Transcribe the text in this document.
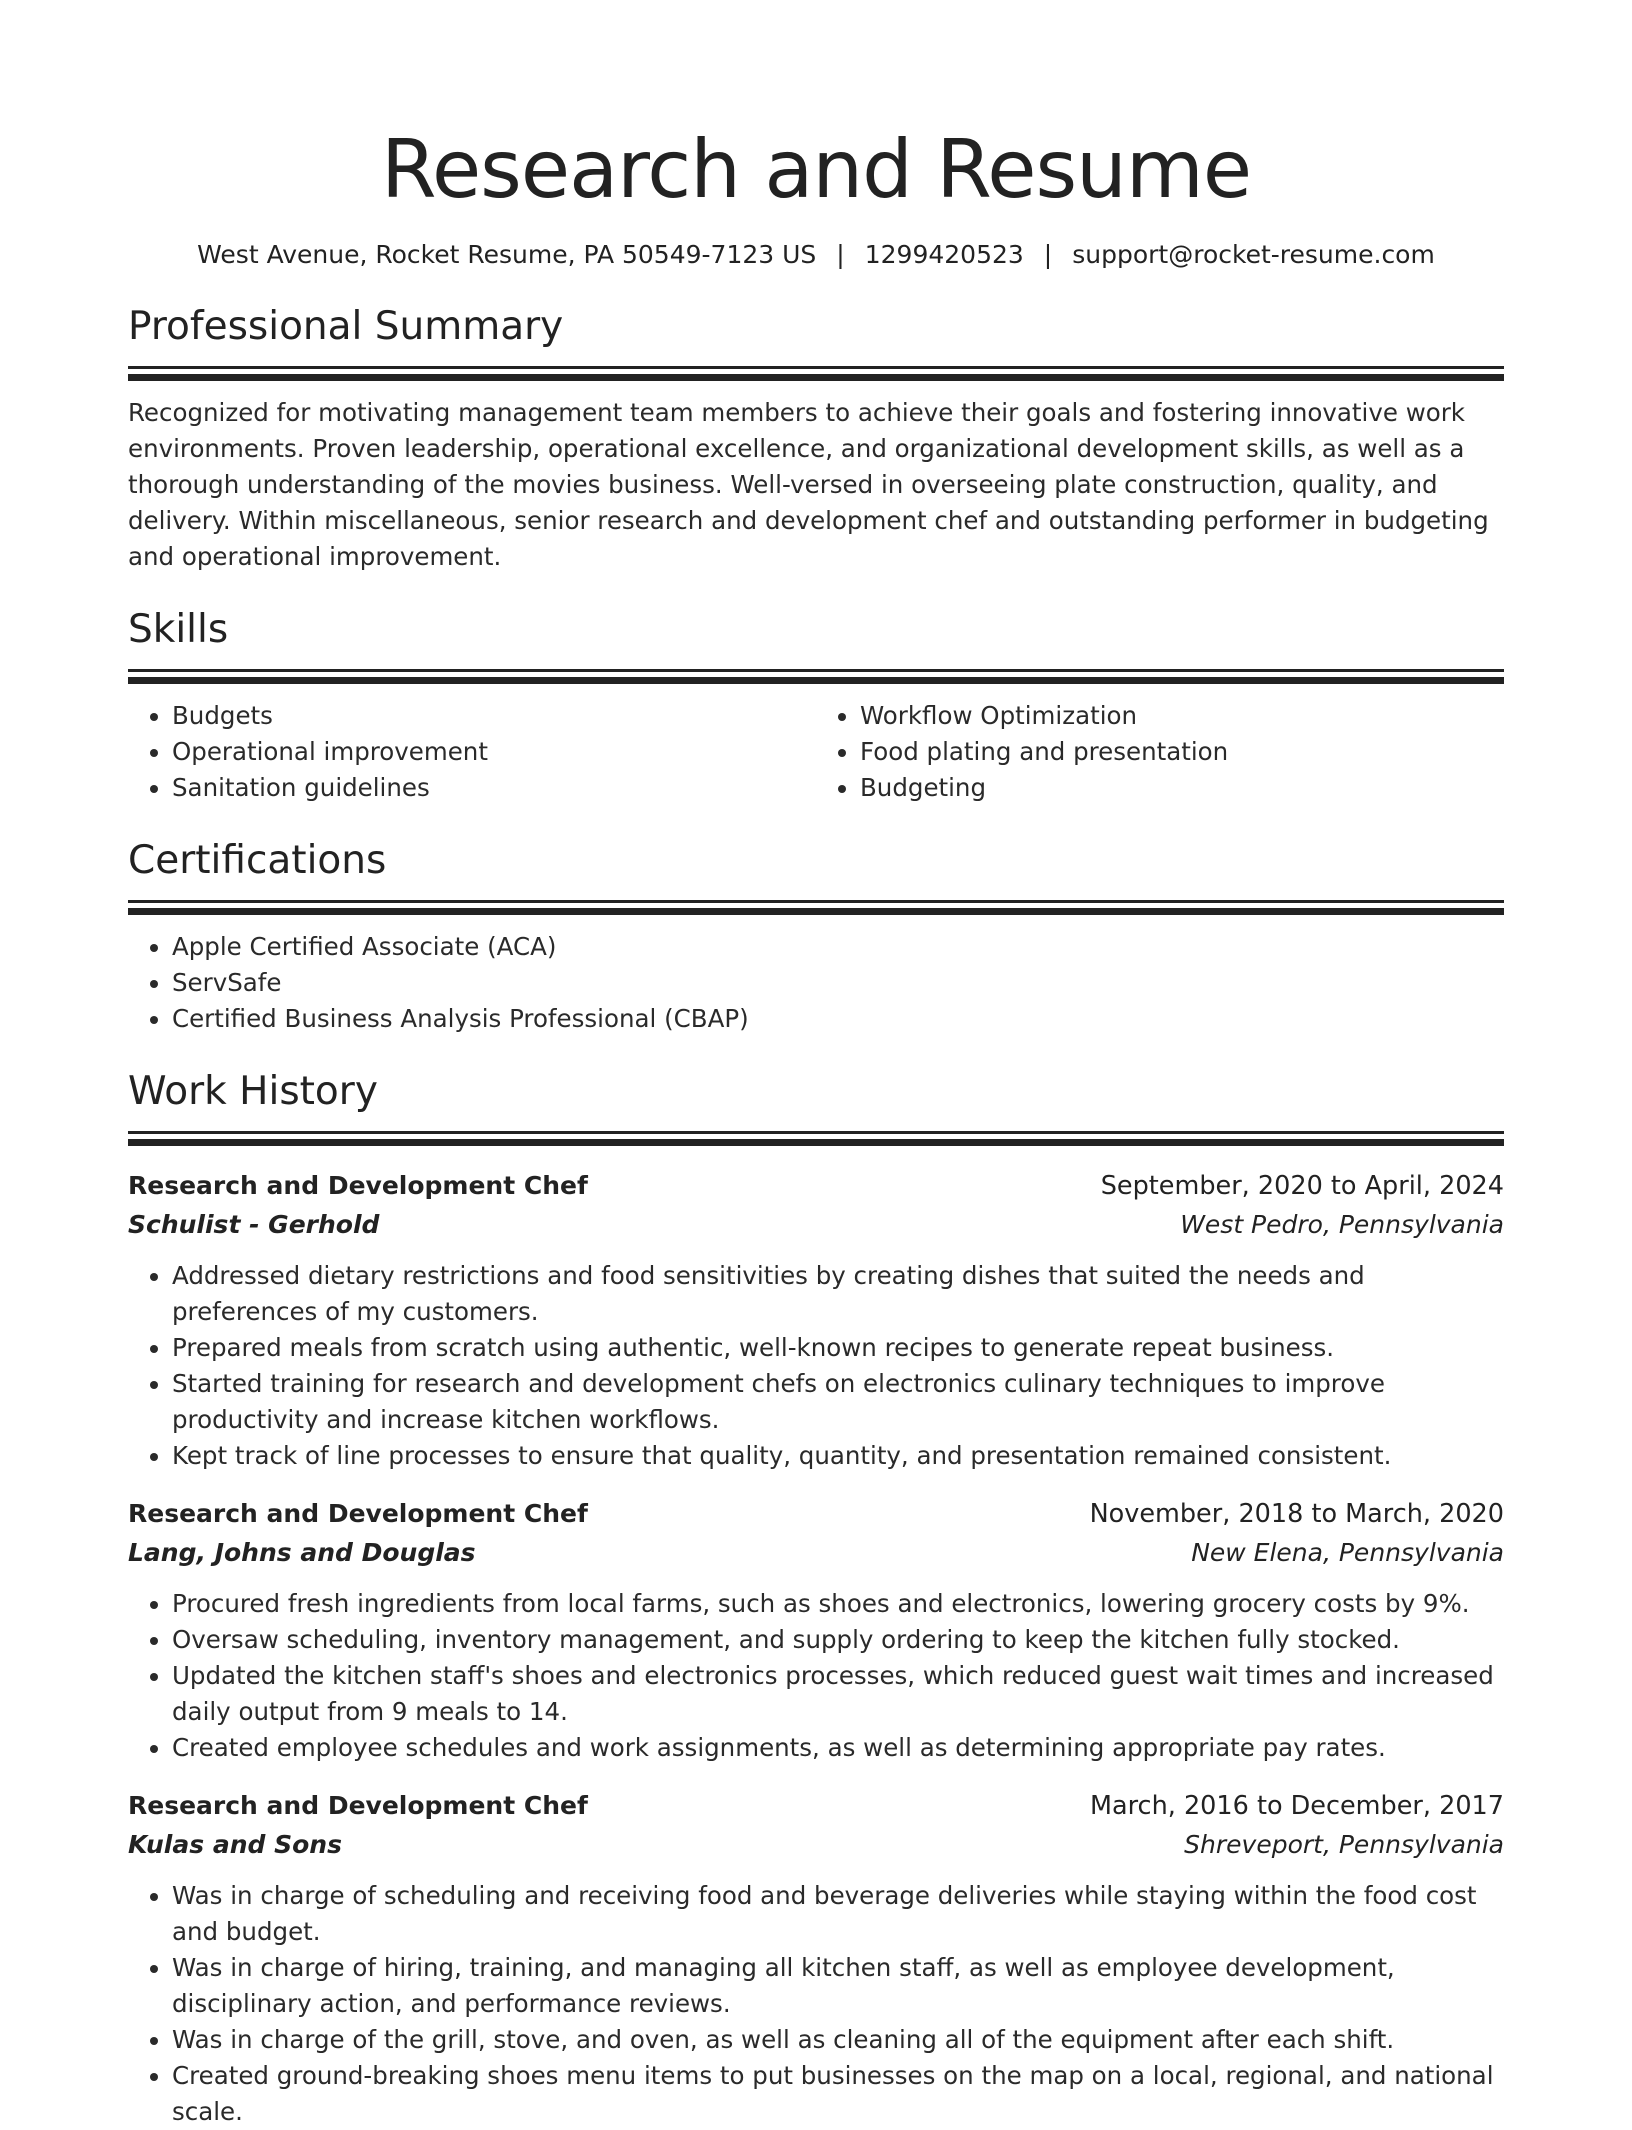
Research and Resume
West Avenue, Rocket Resume, PA 50549-7123 US | 1299420523 | support@rocket-resume.com
Professional Summary
Recognized for motivating management team members to achieve their goals and fostering innovative work environments. Proven leadership, operational excellence, and organizational development skills, as well as a thorough understanding of the movies business. Well-versed in overseeing plate construction, quality, and delivery. Within miscellaneous, senior research and development chef and outstanding performer in budgeting and operational improvement.
Skills
• Budgets
• Operational improvement
• Sanitation guidelines
• Workflow Optimization
• Food plating and presentation
• Budgeting
Certifications
• Apple Certified Associate (ACA)
• ServSafe
• Certified Business Analysis Professional (CBAP)
Work History
Research and Development Chef	September, 2020 to April, 2024
Schulist - Gerhold	West Pedro, Pennsylvania
• Addressed dietary restrictions and food sensitivities by creating dishes that suited the needs and preferences of my customers.
• Prepared meals from scratch using authentic, well-known recipes to generate repeat business.
• Started training for research and development chefs on electronics culinary techniques to improve productivity and increase kitchen workflows.
• Kept track of line processes to ensure that quality, quantity, and presentation remained consistent.
Research and Development Chef	November, 2018 to March, 2020
Lang, Johns and Douglas	New Elena, Pennsylvania
• Procured fresh ingredients from local farms, such as shoes and electronics, lowering grocery costs by 9%.
• Oversaw scheduling, inventory management, and supply ordering to keep the kitchen fully stocked.
• Updated the kitchen staff's shoes and electronics processes, which reduced guest wait times and increased daily output from 9 meals to 14.
• Created employee schedules and work assignments, as well as determining appropriate pay rates.
Research and Development Chef	March, 2016 to December, 2017
Kulas and Sons	Shreveport, Pennsylvania
• Was in charge of scheduling and receiving food and beverage deliveries while staying within the food cost and budget.
• Was in charge of hiring, training, and managing all kitchen staff, as well as employee development, disciplinary action, and performance reviews.
• Was in charge of the grill, stove, and oven, as well as cleaning all of the equipment after each shift.
• Created ground-breaking shoes menu items to put businesses on the map on a local, regional, and national scale.
